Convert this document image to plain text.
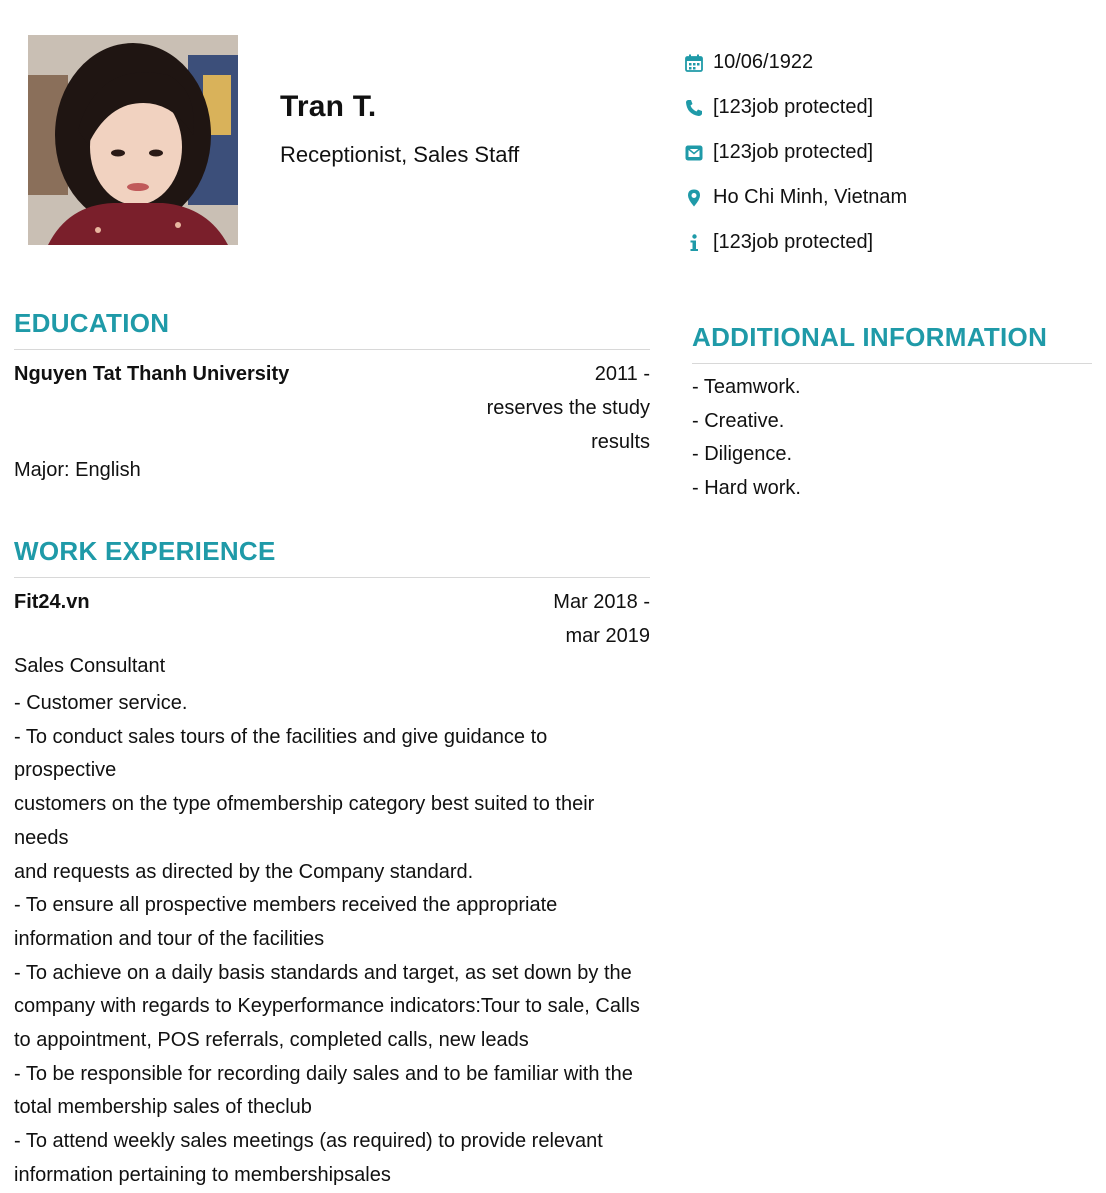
Tran T.
Receptionist, Sales Staff
10/06/1922
[123job protected]
[123job protected]
Ho Chi Minh, Vietnam
[123job protected]
EDUCATION
Nguyen Tat Thanh University	2011 -
reserves the study
results
Major: English
WORK EXPERIENCE
Fit24.vn	Mar 2018 -
mar 2019
Sales Consultant
- Customer service.
- To conduct sales tours of the facilities and give guidance to prospective
customers on the type ofmembership category best suited to their needs
and requests as directed by the Company standard.
- To ensure all prospective members received the appropriate
information and tour of the facilities
- To achieve on a daily basis standards and target, as set down by the
company with regards to Keyperformance indicators:Tour to sale, Calls
to appointment, POS referrals, completed calls, new leads
- To be responsible for recording daily sales and to be familiar with the
total membership sales of theclub
- To attend weekly sales meetings (as required) to provide relevant
information pertaining to membershipsales
ADDITIONAL INFORMATION
- Teamwork.
- Creative.
- Diligence.
- Hard work.
